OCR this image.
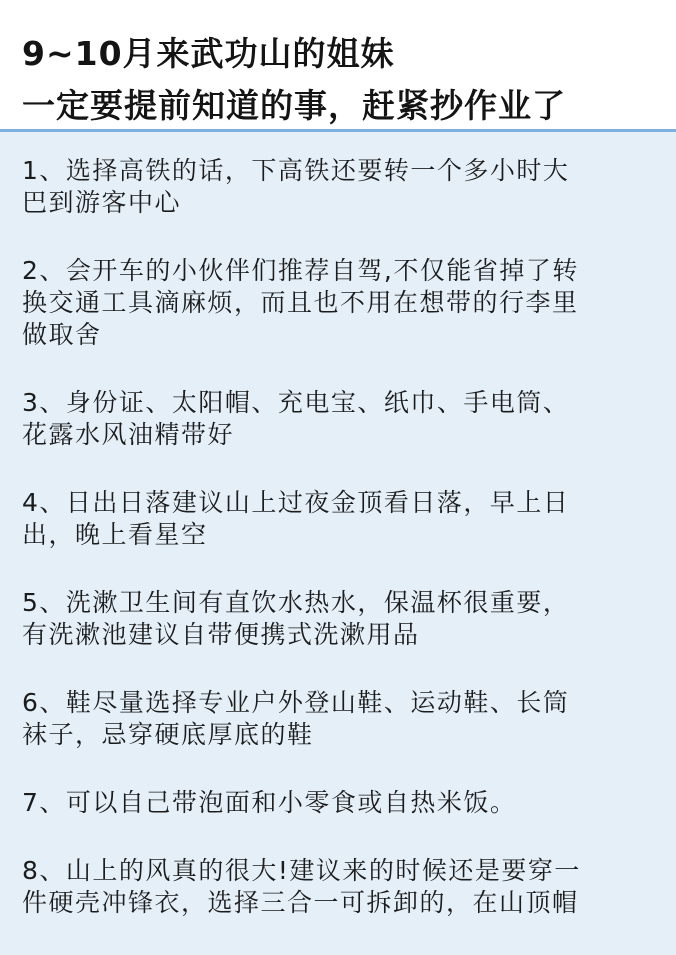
9~10月来武功山的姐妹
一定要提前知道的事，赶紧抄作业了
1、选择高铁的话，下高铁还要转一个多小时大
巴到游客中心
2、会开车的小伙伴们推荐自驾,不仅能省掉了转
换交通工具滴麻烦，而且也不用在想带的行李里
做取舍
3、身份证、太阳帽、充电宝、纸巾、手电筒、
花露水风油精带好
4、日出日落建议山上过夜金顶看日落，早上日
出，晚上看星空
5、洗漱卫生间有直饮水热水，保温杯很重要，
有洗漱池建议自带便携式洗漱用品
6、鞋尽量选择专业户外登山鞋、运动鞋、长筒
袜子，忌穿硬底厚底的鞋
7、可以自己带泡面和小零食或自热米饭。
8、山上的风真的很大!建议来的时候还是要穿一
件硬壳冲锋衣，选择三合一可拆卸的，在山顶帽
